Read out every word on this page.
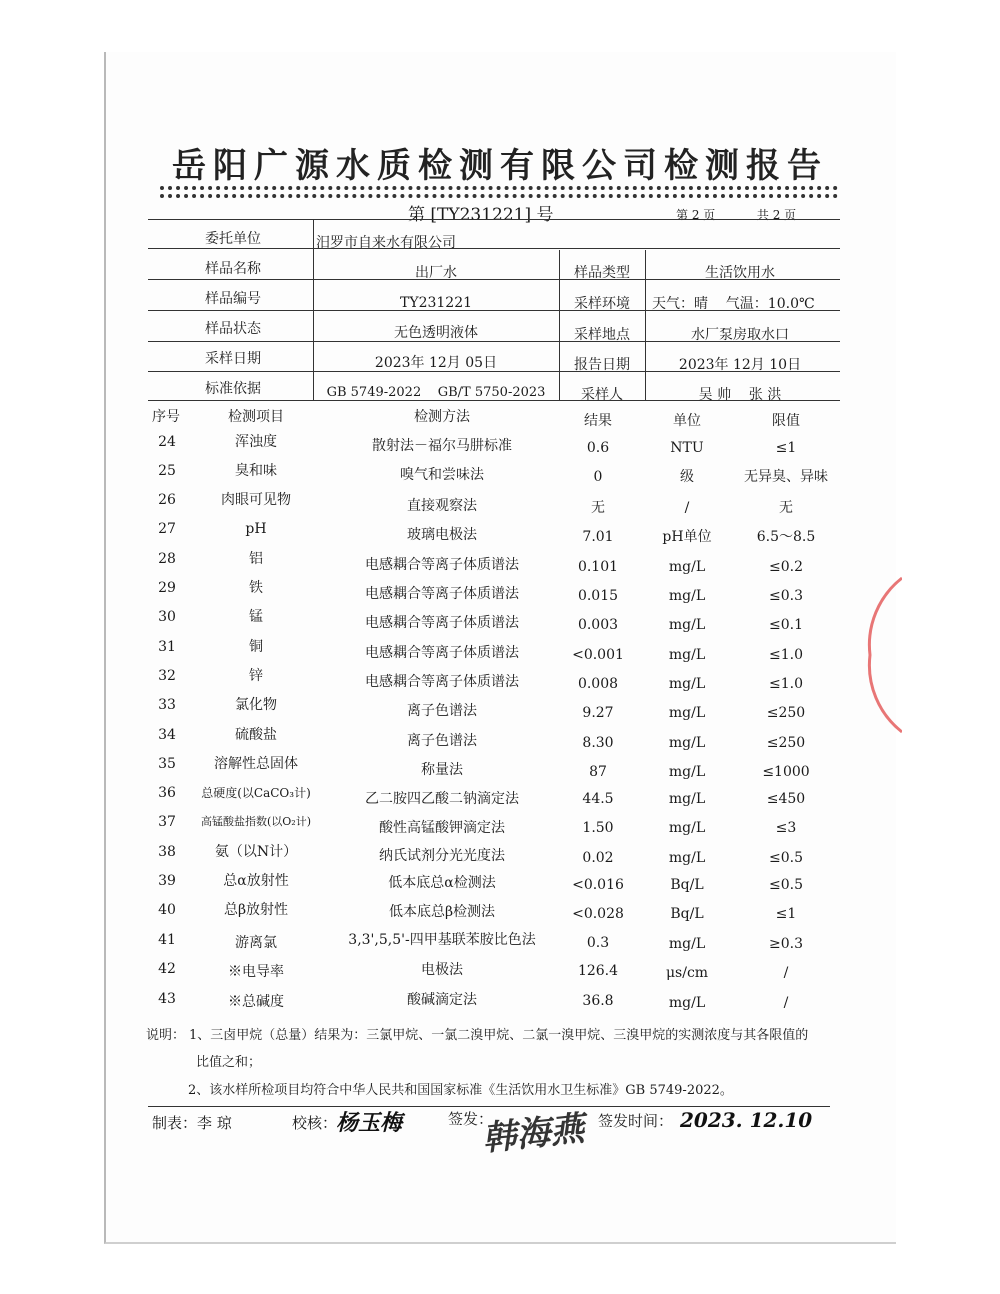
岳阳广源水质检测有限公司检测报告
第 [TY231221] 号	第 2 页	共 2 页
委托单位	汨罗市自来水有限公司
样品名称	出厂水	样品类型	生活饮用水
样品编号	TY231221	采样环境	天气：晴    气温：10.0℃
样品状态	无色透明液体	采样地点	水厂泵房取水口
采样日期	2023年 12月 05日	报告日期	2023年 12月 10日
标准依据	GB 5749-2022    GB/T 5750-2023	采样人	吴 帅    张 洪
序号	检测项目	检测方法	结果	单位	限值
24	浑浊度	散射法－福尔马肼标准	0.6	NTU	≤1
25	臭和味	嗅气和尝味法	0	级	无异臭、异味
26	肉眼可见物	直接观察法	无	/	无
27	pH	玻璃电极法	7.01	pH单位	6.5～8.5
28	铝	电感耦合等离子体质谱法	0.101	mg/L	≤0.2
29	铁	电感耦合等离子体质谱法	0.015	mg/L	≤0.3
30	锰	电感耦合等离子体质谱法	0.003	mg/L	≤0.1
31	铜	电感耦合等离子体质谱法	<0.001	mg/L	≤1.0
32	锌	电感耦合等离子体质谱法	0.008	mg/L	≤1.0
33	氯化物	离子色谱法	9.27	mg/L	≤250
34	硫酸盐	离子色谱法	8.30	mg/L	≤250
35	溶解性总固体	称量法	87	mg/L	≤1000
36	总硬度(以CaCO₃计)	乙二胺四乙酸二钠滴定法	44.5	mg/L	≤450
37	高锰酸盐指数(以O₂计)	酸性高锰酸钾滴定法	1.50	mg/L	≤3
38	氨（以N计）	纳氏试剂分光光度法	0.02	mg/L	≤0.5
39	总α放射性	低本底总α检测法	<0.016	Bq/L	≤0.5
40	总β放射性	低本底总β检测法	<0.028	Bq/L	≤1
41	游离氯	3,3',5,5'-四甲基联苯胺比色法	0.3	mg/L	≥0.3
42	※电导率	电极法	126.4	μs/cm	/
43	※总碱度	酸碱滴定法	36.8	mg/L	/
说明： 1、三卤甲烷（总量）结果为：三氯甲烷、一氯二溴甲烷、二氯一溴甲烷、三溴甲烷的实测浓度与其各限值的
比值之和；
2、该水样所检项目均符合中华人民共和国国家标准《生活饮用水卫生标准》GB 5749-2022。
制表：李 琼	校核：
杨玉梅	签发：
韩海燕 签发时间： 2023. 12.10
